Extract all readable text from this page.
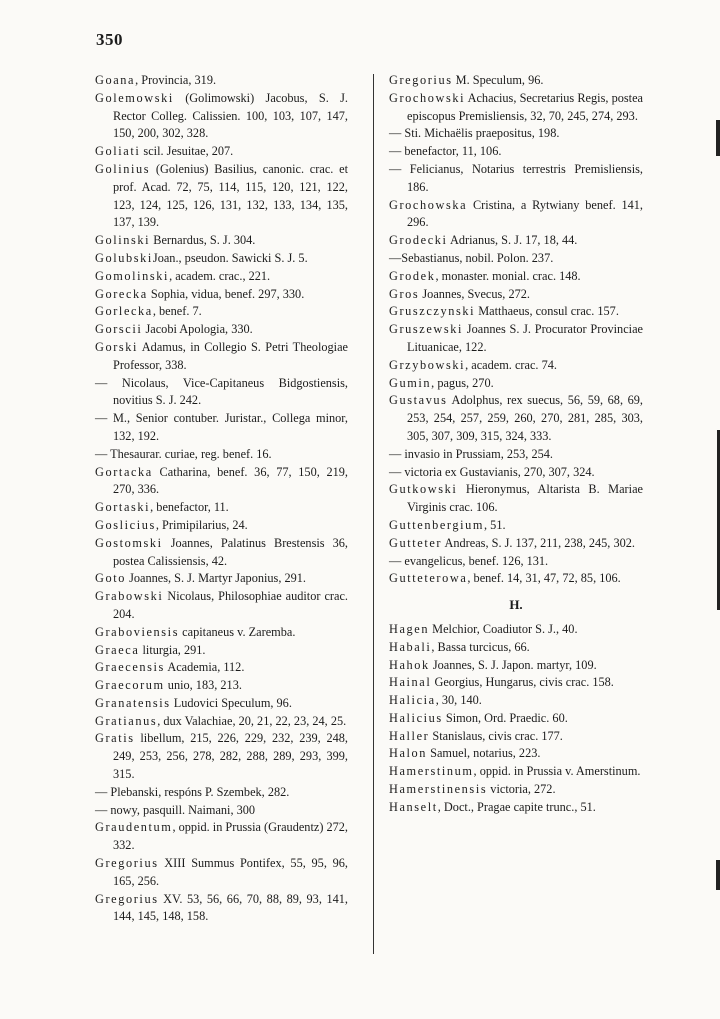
350
Goana, Provincia, 319.
Golemowski (Golimowski) Jacobus, S. J. Rector Colleg. Calissien. 100, 103, 107, 147, 150, 200, 302, 328.
Goliati scil. Jesuitae, 207.
Golinius (Golenius) Basilius, canonic. crac. et prof. Acad. 72, 75, 114, 115, 120, 121, 122, 123, 124, 125, 126, 131, 132, 133, 134, 135, 137, 139.
Golinski Bernardus, S. J. 304.
GolubskiJoan., pseudon. Sawicki S. J. 5.
Gomolinski, academ. crac., 221.
Gorecka Sophia, vidua, benef. 297, 330.
Gorlecka, benef. 7.
Gorscii Jacobi Apologia, 330.
Gorski Adamus, in Collegio S. Petri Theologiae Professor, 338.
— Nicolaus, Vice-Capitaneus Bidgostiensis, novitius S. J. 242.
— M., Senior contuber. Juristar., Collega minor, 132, 192.
— Thesaurar. curiae, reg. benef. 16.
Gortacka Catharina, benef. 36, 77, 150, 219, 270, 336.
Gortaski, benefactor, 11.
Goslicius, Primipilarius, 24.
Gostomski Joannes, Palatinus Brestensis 36, postea Calissiensis, 42.
Goto Joannes, S. J. Martyr Japonius, 291.
Grabowski Nicolaus, Philosophiae auditor crac. 204.
Graboviensis capitaneus v. Zaremba.
Graeca liturgia, 291.
Graecensis Academia, 112.
Graecorum unio, 183, 213.
Granatensis Ludovici Speculum, 96.
Gratianus, dux Valachiae, 20, 21, 22, 23, 24, 25.
Gratis libellum, 215, 226, 229, 232, 239, 248, 249, 253, 256, 278, 282, 288, 289, 293, 399, 315.
— Plebanski, respóns P. Szembek, 282.
— nowy, pasquill. Naimani, 300
Graudentum, oppid. in Prussia (Graudentz) 272, 332.
Gregorius XIII Summus Pontifex, 55, 95, 96, 165, 256.
Gregorius XV. 53, 56, 66, 70, 88, 89, 93, 141, 144, 145, 148, 158.
Gregorius M. Speculum, 96.
Grochowski Achacius, Secretarius Regis, postea episcopus Premisliensis, 32, 70, 245, 274, 293.
— Sti. Michaëlis praepositus, 198.
— benefactor, 11, 106.
— Felicianus, Notarius terrestris Premisliensis, 186.
Grochowska Cristina, a Rytwiany benef. 141, 296.
Grodecki Adrianus, S. J. 17, 18, 44.
—Sebastianus, nobil. Polon. 237.
Grodek, monaster. monial. crac. 148.
Gros Joannes, Svecus, 272.
Gruszczynski Matthaeus, consul crac. 157.
Gruszewski Joannes S. J. Procurator Provinciae Lituanicae, 122.
Grzybowski, academ. crac. 74.
Gumin, pagus, 270.
Gustavus Adolphus, rex suecus, 56, 59, 68, 69, 253, 254, 257, 259, 260, 270, 281, 285, 303, 305, 307, 309, 315, 324, 333.
— invasio in Prussiam, 253, 254.
— victoria ex Gustavianis, 270, 307, 324.
Gutkowski Hieronymus, Altarista B. Mariae Virginis crac. 106.
Guttenbergium, 51.
Gutteter Andreas, S. J. 137, 211, 238, 245, 302.
— evangelicus, benef. 126, 131.
Gutteterowa, benef. 14, 31, 47, 72, 85, 106.
H.
Hagen Melchior, Coadiutor S. J., 40.
Habali, Bassa turcicus, 66.
Hahok Joannes, S. J. Japon. martyr, 109.
Hainal Georgius, Hungarus, civis crac. 158.
Halicia, 30, 140.
Halicius Simon, Ord. Praedic. 60.
Haller Stanislaus, civis crac. 177.
Halon Samuel, notarius, 223.
Hamerstinum, oppid. in Prussia v. Amerstinum.
Hamerstinensis victoria, 272.
Hanselt, Doct., Pragae capite trunc., 51.
